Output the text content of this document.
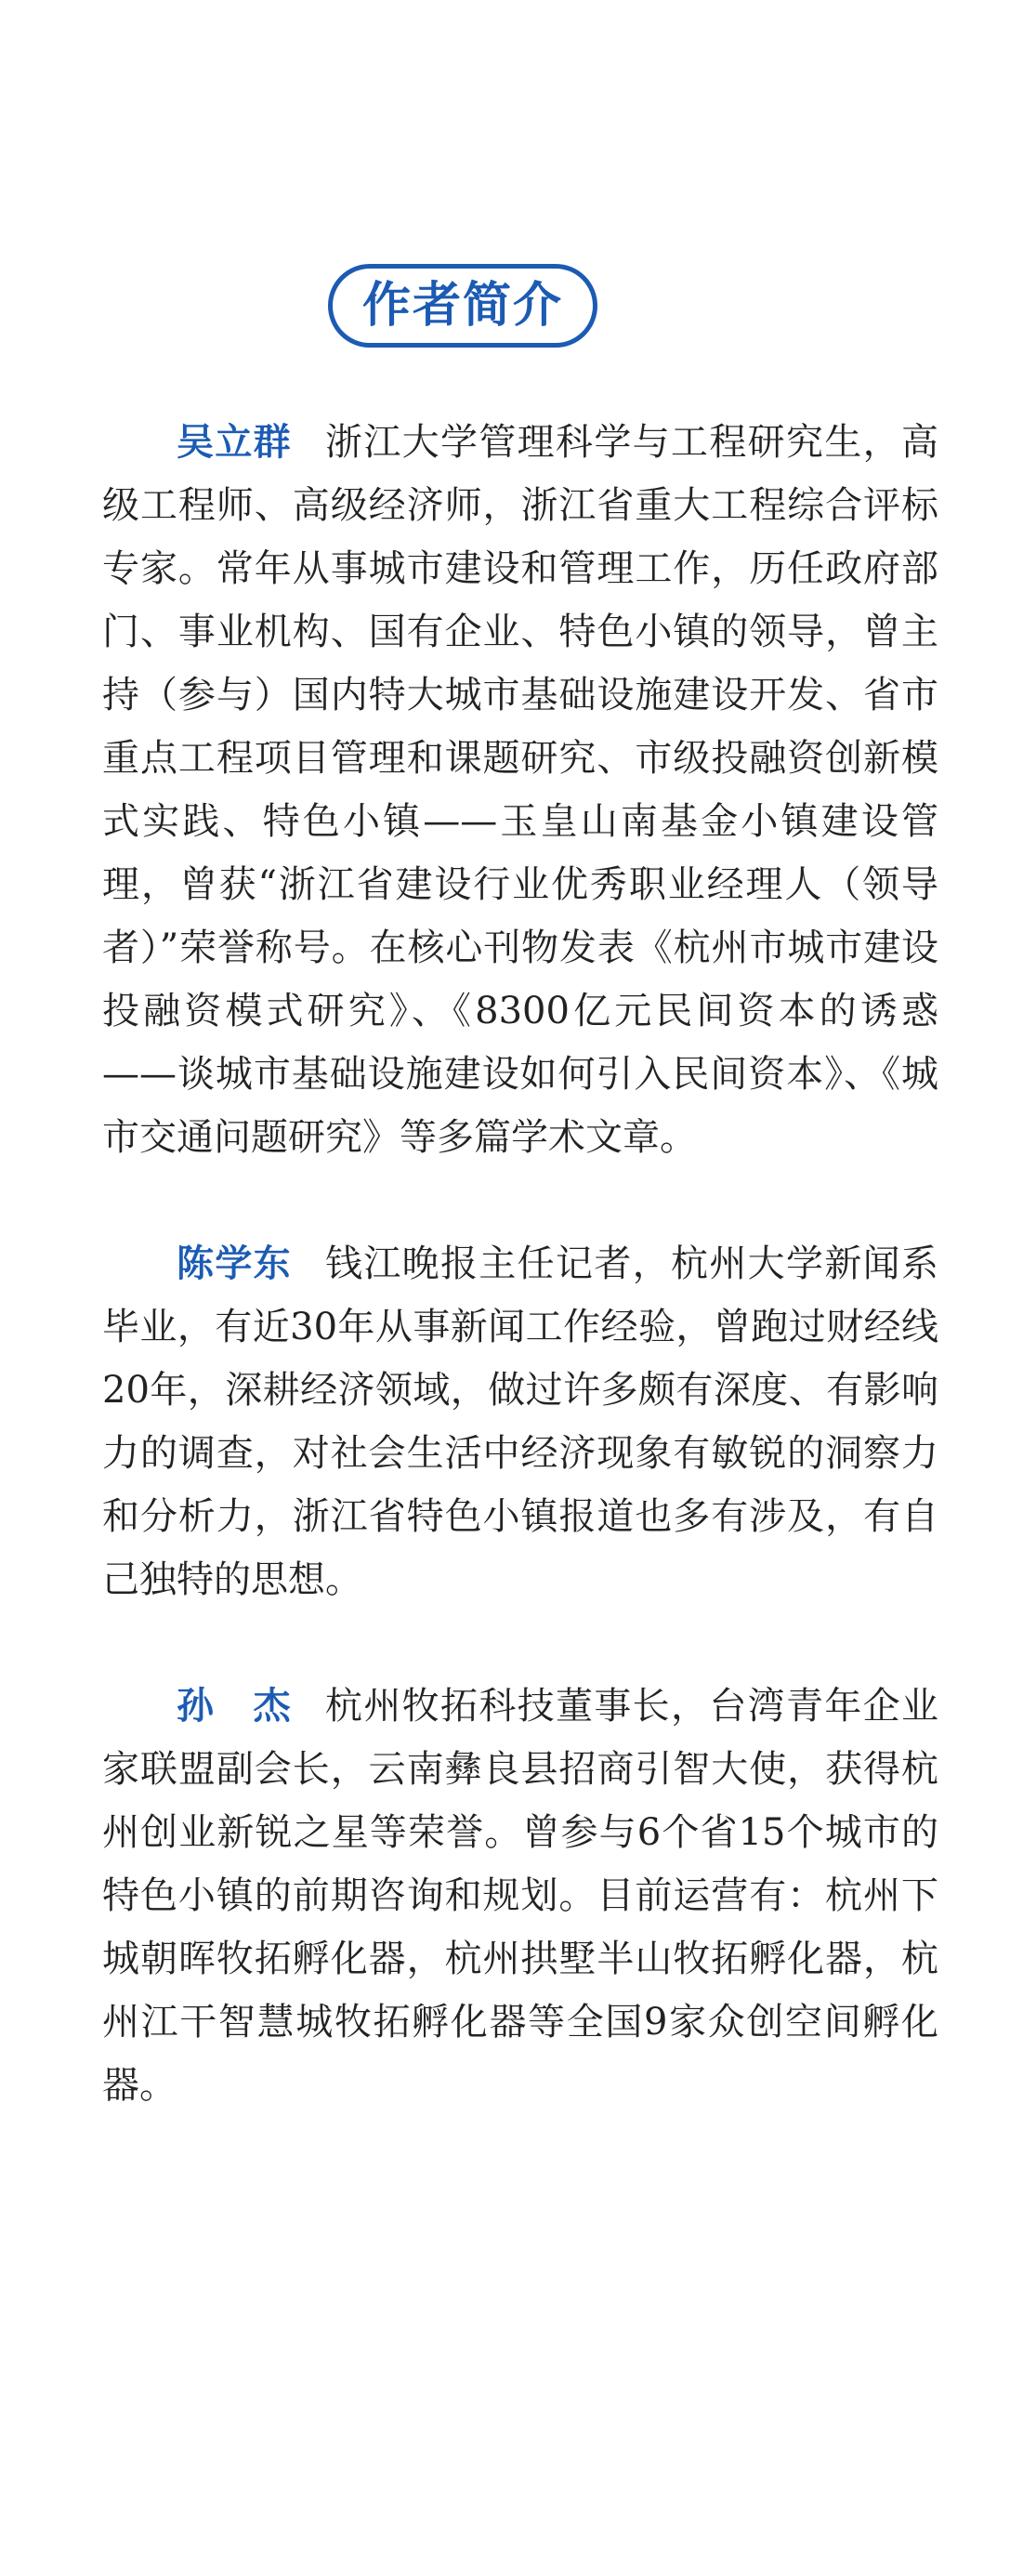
作者简介

吴立群 浙江大学管理科学与工程研究生，高级工程师、高级经济师，浙江省重大工程综合评标专家。常年从事城市建设和管理工作，历任政府部门、事业机构、国有企业、特色小镇的领导，曾主持（参与）国内特大城市基础设施建设开发、省市重点工程项目管理和课题研究、市级投融资创新模式实践、特色小镇——玉皇山南基金小镇建设管理，曾获“浙江省建设行业优秀职业经理人（领导者）”荣誉称号。在核心刊物发表《杭州市城市建设投融资模式研究》、《8300亿元民间资本的诱惑——谈城市基础设施建设如何引入民间资本》、《城市交通问题研究》等多篇学术文章。

陈学东 钱江晚报主任记者，杭州大学新闻系毕业，有近30年从事新闻工作经验，曾跑过财经线20年，深耕经济领域，做过许多颇有深度、有影响力的调查，对社会生活中经济现象有敏锐的洞察力和分析力，浙江省特色小镇报道也多有涉及，有自己独特的思想。

孙　杰 杭州牧拓科技董事长，台湾青年企业家联盟副会长，云南彝良县招商引智大使，获得杭州创业新锐之星等荣誉。曾参与6个省15个城市的特色小镇的前期咨询和规划。目前运营有：杭州下城朝晖牧拓孵化器，杭州拱墅半山牧拓孵化器，杭州江干智慧城牧拓孵化器等全国9家众创空间孵化器。
